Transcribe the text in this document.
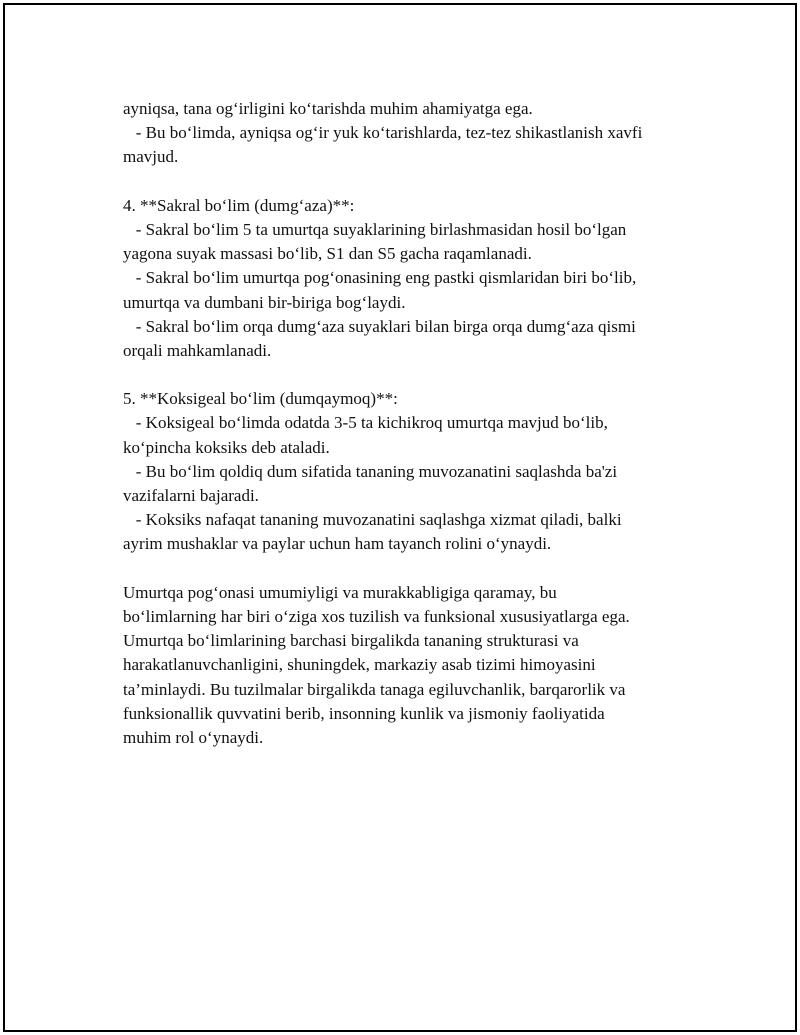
ayniqsa, tana og‘irligini ko‘tarishda muhim ahamiyatga ega.
- Bu bo‘limda, ayniqsa og‘ir yuk ko‘tarishlarda, tez-tez shikastlanish xavfi
mavjud.
4. **Sakral bo‘lim (dumg‘aza)**:
- Sakral bo‘lim 5 ta umurtqa suyaklarining birlashmasidan hosil bo‘lgan
yagona suyak massasi bo‘lib, S1 dan S5 gacha raqamlanadi.
- Sakral bo‘lim umurtqa pog‘onasining eng pastki qismlaridan biri bo‘lib,
umurtqa va dumbani bir-biriga bog‘laydi.
- Sakral bo‘lim orqa dumg‘aza suyaklari bilan birga orqa dumg‘aza qismi
orqali mahkamlanadi.
5. **Koksigeal bo‘lim (dumqaymoq)**:
- Koksigeal bo‘limda odatda 3-5 ta kichikroq umurtqa mavjud bo‘lib,
ko‘pincha koksiks deb ataladi.
- Bu bo‘lim qoldiq dum sifatida tananing muvozanatini saqlashda ba'zi
vazifalarni bajaradi.
- Koksiks nafaqat tananing muvozanatini saqlashga xizmat qiladi, balki
ayrim mushaklar va paylar uchun ham tayanch rolini o‘ynaydi.
Umurtqa pog‘onasi umumiyligi va murakkabligiga qaramay, bu
bo‘limlarning har biri o‘ziga xos tuzilish va funksional xususiyatlarga ega.
Umurtqa bo‘limlarining barchasi birgalikda tananing strukturasi va
harakatlanuvchanligini, shuningdek, markaziy asab tizimi himoyasini
ta’minlaydi. Bu tuzilmalar birgalikda tanaga egiluvchanlik, barqarorlik va
funksionallik quvvatini berib, insonning kunlik va jismoniy faoliyatida
muhim rol o‘ynaydi.
